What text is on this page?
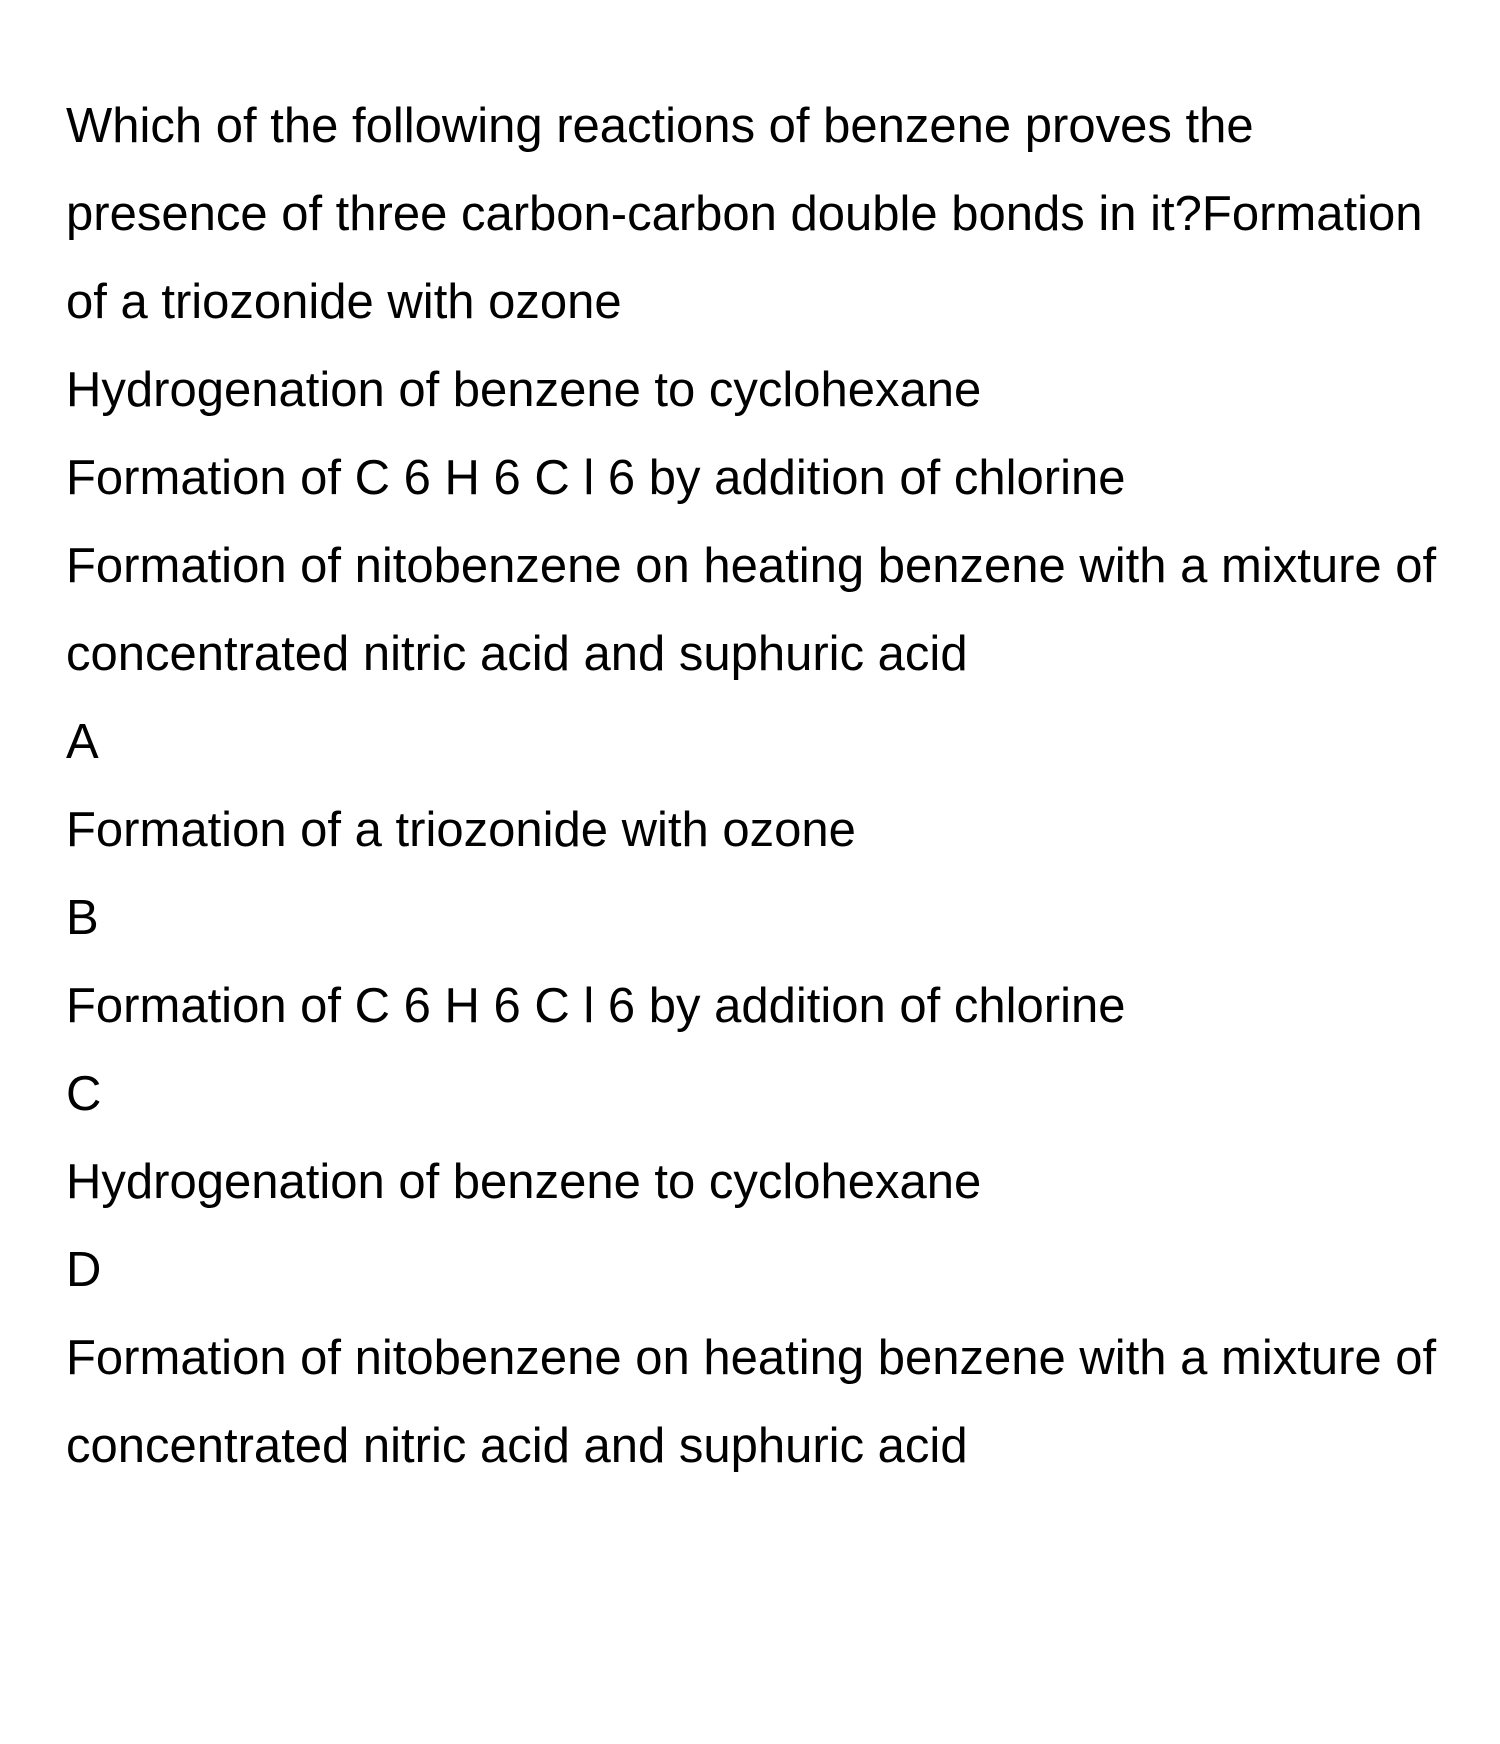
Which of the following reactions of benzene proves the presence of three carbon-carbon double bonds in it?Formation of a triozonide with ozone
Hydrogenation of benzene to cyclohexane
Formation of C 6 H 6 C l 6 by addition of chlorine
Formation of nitobenzene on heating benzene with a mixture of concentrated nitric acid and suphuric acid

A
Formation of a triozonide with ozone
B
Formation of C 6 H 6 C l 6 by addition of chlorine
C
Hydrogenation of benzene to cyclohexane
D
Formation of nitobenzene on heating benzene with a mixture of concentrated nitric acid and suphuric acid
